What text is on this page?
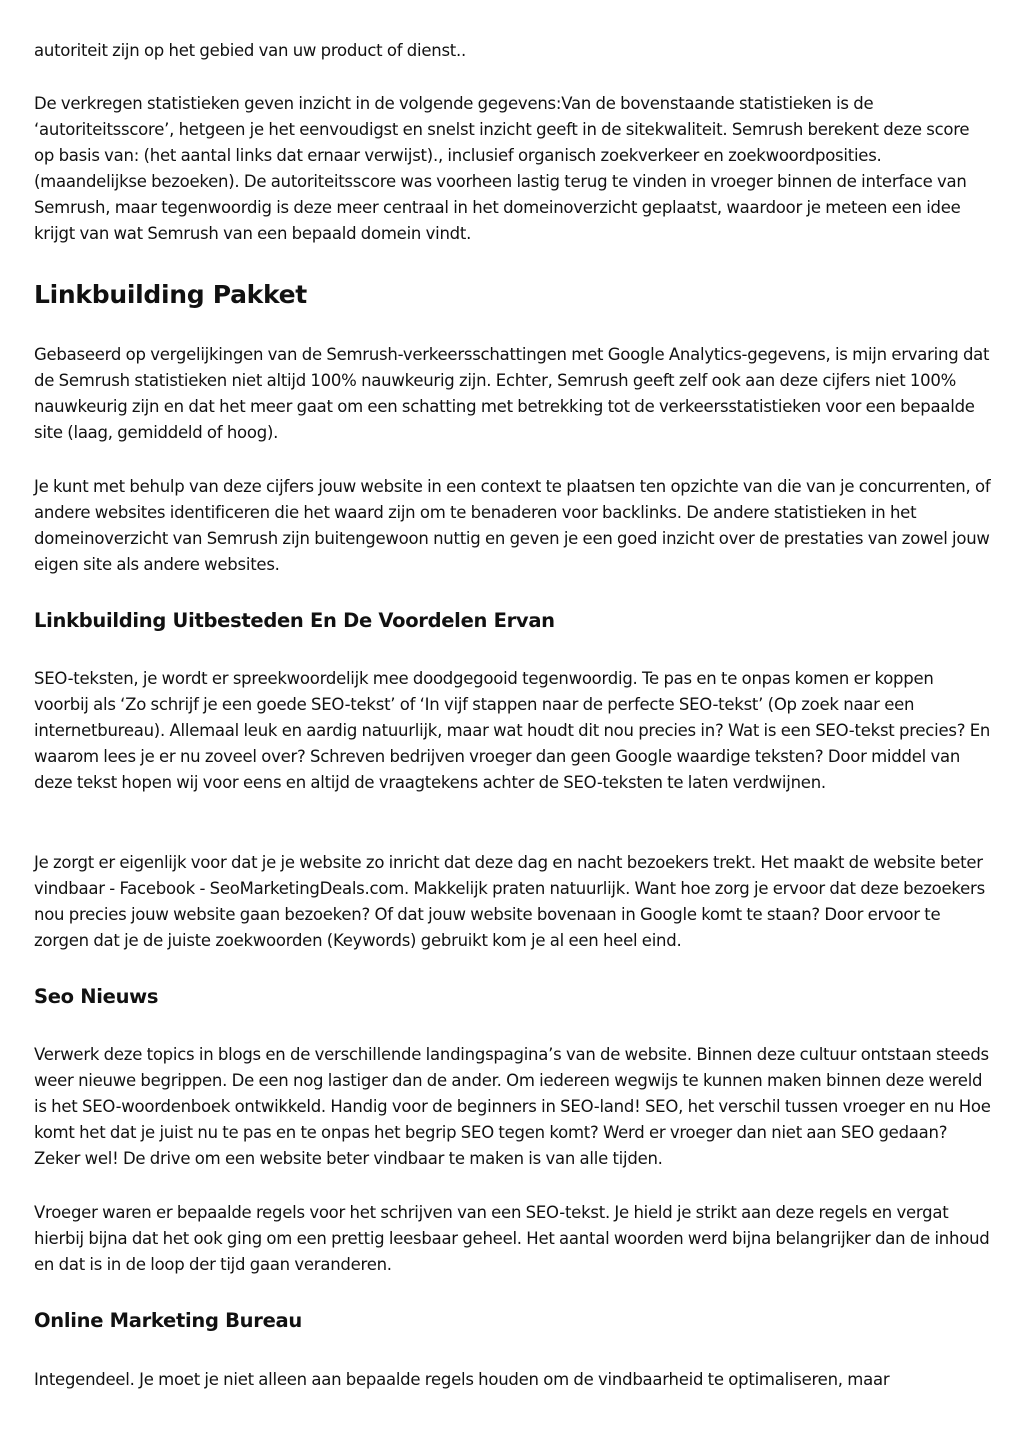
autoriteit zijn op het gebied van uw product of dienst..

De verkregen statistieken geven inzicht in de volgende gegevens:Van de bovenstaande statistieken is de ‘autoriteitsscore’, hetgeen je het eenvoudigst en snelst inzicht geeft in de sitekwaliteit. Semrush berekent deze score op basis van: (het aantal links dat ernaar verwijst)., inclusief organisch zoekverkeer en zoekwoordposities. (maandelijkse bezoeken). De autoriteitsscore was voorheen lastig terug te vinden in vroeger binnen de interface van Semrush, maar tegenwoordig is deze meer centraal in het domeinoverzicht geplaatst, waardoor je meteen een idee krijgt van wat Semrush van een bepaald domein vindt.

Linkbuilding Pakket

Gebaseerd op vergelijkingen van de Semrush-verkeersschattingen met Google Analytics-gegevens, is mijn ervaring dat de Semrush statistieken niet altijd 100% nauwkeurig zijn. Echter, Semrush geeft zelf ook aan deze cijfers niet 100% nauwkeurig zijn en dat het meer gaat om een schatting met betrekking tot de verkeersstatistieken voor een bepaalde site (laag, gemiddeld of hoog).

Je kunt met behulp van deze cijfers jouw website in een context te plaatsen ten opzichte van die van je concurrenten, of andere websites identificeren die het waard zijn om te benaderen voor backlinks. De andere statistieken in het domeinoverzicht van Semrush zijn buitengewoon nuttig en geven je een goed inzicht over de prestaties van zowel jouw eigen site als andere websites.

Linkbuilding Uitbesteden En De Voordelen Ervan

SEO-teksten, je wordt er spreekwoordelijk mee doodgegooid tegenwoordig. Te pas en te onpas komen er koppen voorbij als ‘Zo schrijf je een goede SEO-tekst’ of ‘In vijf stappen naar de perfecte SEO-tekst’ (Op zoek naar een internetbureau). Allemaal leuk en aardig natuurlijk, maar wat houdt dit nou precies in? Wat is een SEO-tekst precies? En waarom lees je er nu zoveel over? Schreven bedrijven vroeger dan geen Google waardige teksten? Door middel van deze tekst hopen wij voor eens en altijd de vraagtekens achter de SEO-teksten te laten verdwijnen.

Je zorgt er eigenlijk voor dat je je website zo inricht dat deze dag en nacht bezoekers trekt. Het maakt de website beter vindbaar - Facebook - SeoMarketingDeals.com. Makkelijk praten natuurlijk. Want hoe zorg je ervoor dat deze bezoekers nou precies jouw website gaan bezoeken? Of dat jouw website bovenaan in Google komt te staan? Door ervoor te zorgen dat je de juiste zoekwoorden (Keywords) gebruikt kom je al een heel eind.

Seo Nieuws

Verwerk deze topics in blogs en de verschillende landingspagina’s van de website. Binnen deze cultuur ontstaan steeds weer nieuwe begrippen. De een nog lastiger dan de ander. Om iedereen wegwijs te kunnen maken binnen deze wereld is het SEO-woordenboek ontwikkeld. Handig voor de beginners in SEO-land! SEO, het verschil tussen vroeger en nu Hoe komt het dat je juist nu te pas en te onpas het begrip SEO tegen komt? Werd er vroeger dan niet aan SEO gedaan? Zeker wel! De drive om een website beter vindbaar te maken is van alle tijden.

Vroeger waren er bepaalde regels voor het schrijven van een SEO-tekst. Je hield je strikt aan deze regels en vergat hierbij bijna dat het ook ging om een prettig leesbaar geheel. Het aantal woorden werd bijna belangrijker dan de inhoud en dat is in de loop der tijd gaan veranderen.

Online Marketing Bureau

Integendeel. Je moet je niet alleen aan bepaalde regels houden om de vindbaarheid te optimaliseren, maar
